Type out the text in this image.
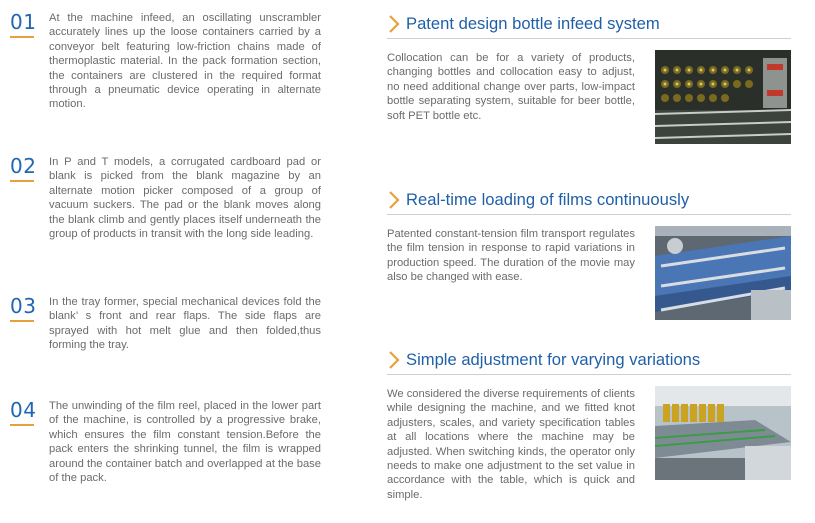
01 At the machine infeed, an oscillating unscrambler accurately lines up the loose containers carried by a conveyor belt featuring low-friction chains made of thermoplastic material. In the pack formation section, the containers are clustered in the required format through a pneumatic device operating in alternate motion.
02 In P and T models, a corrugated cardboard pad or blank is picked from the blank magazine by an alternate motion picker composed of a group of vacuum suckers. The pad or the blank moves along the blank climb and gently places itself underneath the group of products in transit with the long side leading.
03 In the tray former, special mechanical devices fold the blank’ s front and rear flaps. The side flaps are sprayed with hot melt glue and then folded,thus forming the tray.
04 The unwinding of the film reel, placed in the lower part of the machine, is controlled by a progressive brake, which ensures the film constant tension.Before the pack enters the shrinking tunnel, the film is wrapped around the container batch and overlapped at the base of the pack.
Patent design bottle infeed system
Collocation can be for a variety of products, changing bottles and collocation easy to adjust, no need additional change over parts, low-impact bottle separating system, suitable for beer bottle, soft PET bottle etc.
Real-time loading of films continuously
Patented constant-tension film transport regulates the film tension in response to rapid variations in production speed. The duration of the movie may also be changed with ease.
Simple adjustment for varying variations
We considered the diverse requirements of clients while designing the machine, and we fitted knot adjusters, scales, and variety specification tables at all locations where the machine may be adjusted. When switching kinds, the operator only needs to make one adjustment to the set value in accordance with the table, which is quick and simple.
